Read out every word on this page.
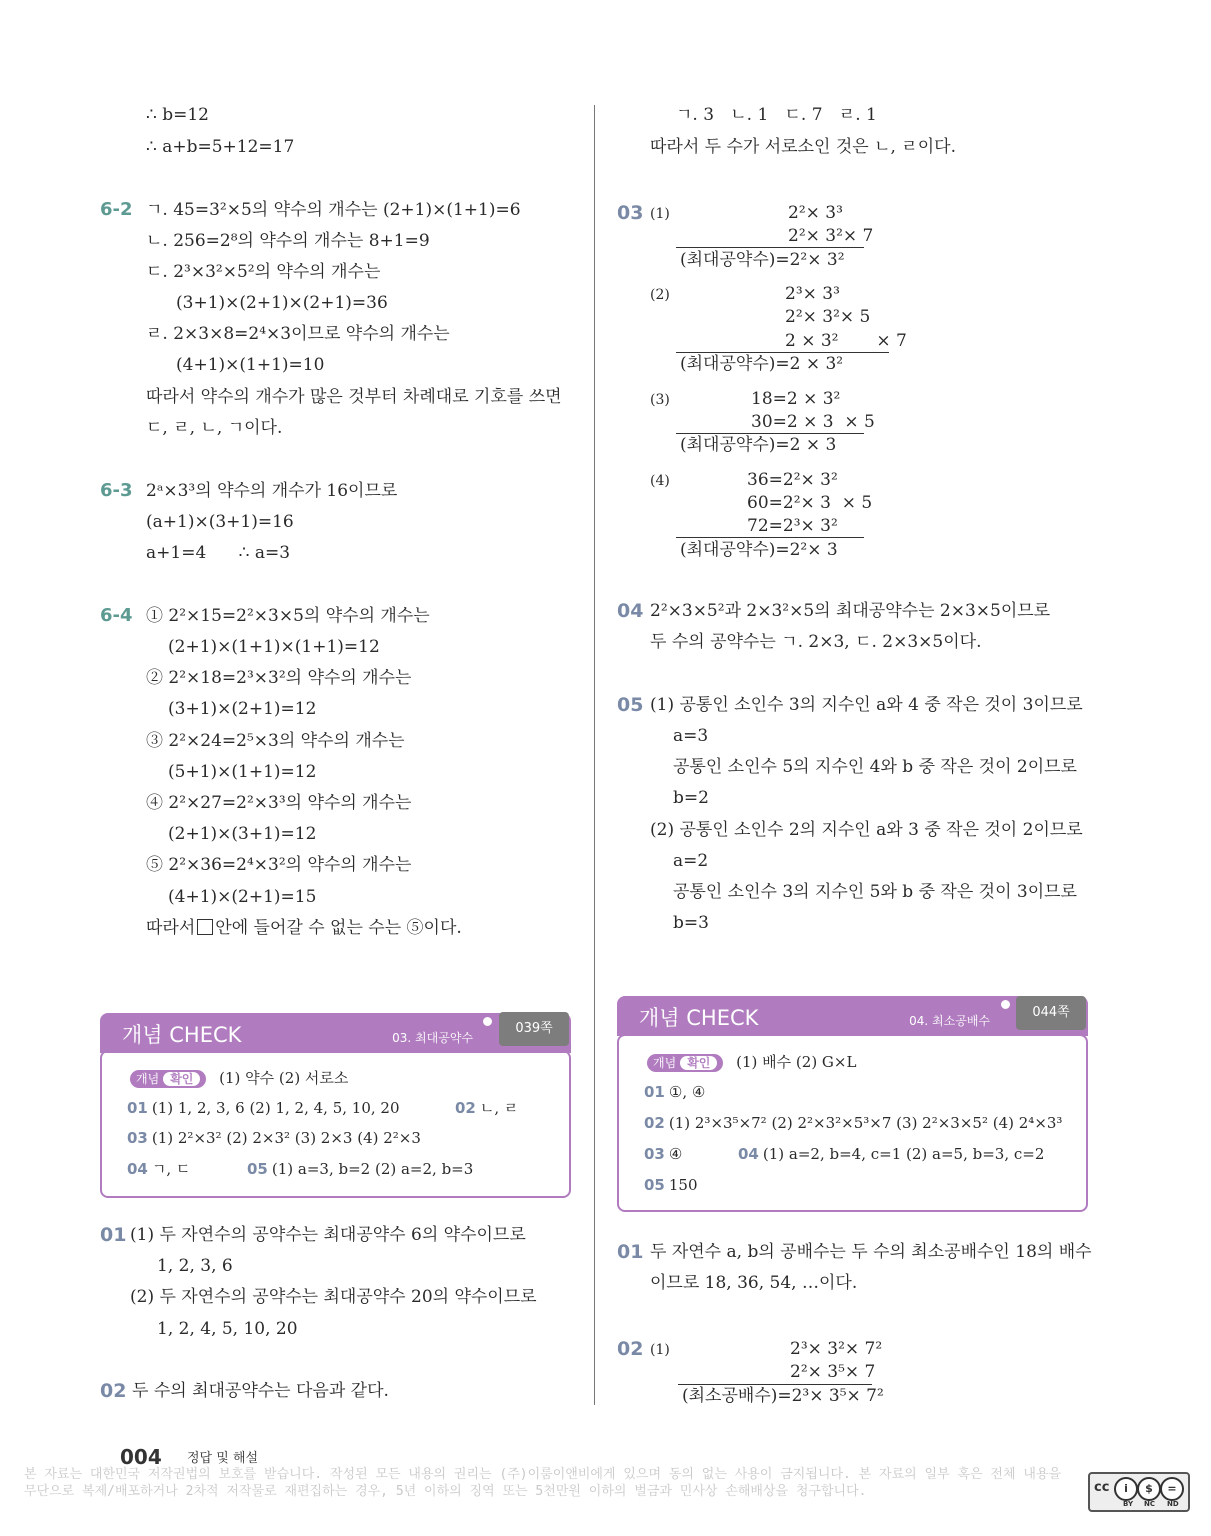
∴ b=12
∴ a+b=5+12=17
6-2 ㄱ. 45=3²×5의 약수의 개수는 (2+1)×(1+1)=6
ㄴ. 256=2⁸의 약수의 개수는 8+1=9
ㄷ. 2³×3²×5²의 약수의 개수는
(3+1)×(2+1)×(2+1)=36
ㄹ. 2×3×8=2⁴×3이므로 약수의 개수는
(4+1)×(1+1)=10
따라서 약수의 개수가 많은 것부터 차례대로 기호를 쓰면
ㄷ, ㄹ, ㄴ, ㄱ이다.
6-3 2ᵃ×3³의 약수의 개수가 16이므로
(a+1)×(3+1)=16
a+1=4      ∴ a=3
6-4 ① 2²×15=2²×3×5의 약수의 개수는
(2+1)×(1+1)×(1+1)=12
② 2²×18=2³×3²의 약수의 개수는
(3+1)×(2+1)=12
③ 2²×24=2⁵×3의 약수의 개수는
(5+1)×(1+1)=12
④ 2²×27=2²×3³의 약수의 개수는
(2+1)×(3+1)=12
⑤ 2²×36=2⁴×3²의 약수의 개수는
(4+1)×(2+1)=15
따라서 안에 들어갈 수 없는 수는 ⑤이다.
개념 CHECK	03. 최대공약수
039쪽
개념 확인 (1) 약수 (2) 서로소
01 (1) 1, 2, 3, 6 (2) 1, 2, 4, 5, 10, 20	02 ㄴ, ㄹ
03 (1) 2²×3² (2) 2×3² (3) 2×3 (4) 2²×3
04 ㄱ, ㄷ	05 (1) a=3, b=2 (2) a=2, b=3
01 (1) 두 자연수의 공약수는 최대공약수 6의 약수이므로
1, 2, 3, 6
(2) 두 자연수의 공약수는 최대공약수 20의 약수이므로
1, 2, 4, 5, 10, 20
02 두 수의 최대공약수는 다음과 같다.
ㄱ. 3   ㄴ. 1   ㄷ. 7   ㄹ. 1
따라서 두 수가 서로소인 것은 ㄴ, ㄹ이다.
03 (1)	2²× 3³
2²× 3²× 7
(최대공약수)=2²× 3²
(2)	2³× 3³
2²× 3²× 5
2 × 3²       × 7
(최대공약수)=2 × 3²
(3)	18=2 × 3²
30=2 × 3  × 5
(최대공약수)=2 × 3
(4)	36=2²× 3²
60=2²× 3  × 5
72=2³× 3²
(최대공약수)=2²× 3
04 2²×3×5²과 2×3²×5의 최대공약수는 2×3×5이므로
두 수의 공약수는 ㄱ. 2×3, ㄷ. 2×3×5이다.
05 (1) 공통인 소인수 3의 지수인 a와 4 중 작은 것이 3이므로
a=3
공통인 소인수 5의 지수인 4와 b 중 작은 것이 2이므로
b=2
(2) 공통인 소인수 2의 지수인 a와 3 중 작은 것이 2이므로
a=2
공통인 소인수 3의 지수인 5와 b 중 작은 것이 3이므로
b=3
개념 CHECK	04. 최소공배수
044쪽
개념 확인 (1) 배수 (2) G×L
01 ①, ④
02 (1) 2³×3⁵×7² (2) 2²×3²×5³×7 (3) 2²×3×5² (4) 2⁴×3³
03 ④	04 (1) a=2, b=4, c=1 (2) a=5, b=3, c=2
05 150
01 두 자연수 a, b의 공배수는 두 수의 최소공배수인 18의 배수
이므로 18, 36, 54, …이다.
02 (1)	2³× 3²× 7²
2²× 3⁵× 7
(최소공배수)=2³× 3⁵× 7²
004 정답 및 해설
본 자료는 대한민국 저작권법의 보호를 받습니다. 작성된 모든 내용의 권리는 (주)이룸이앤비에게 있으며 동의 없는 사용이 금지됩니다. 본 자료의 일부 혹은 전체 내용을 무단으로 복제/배포하거나 2차적 저작물로 재편집하는 경우, 5년 이하의 징역 또는 5천만원 이하의 벌금과 민사상 손해배상을 청구합니다.	cc	i	$	=
BY NC ND
